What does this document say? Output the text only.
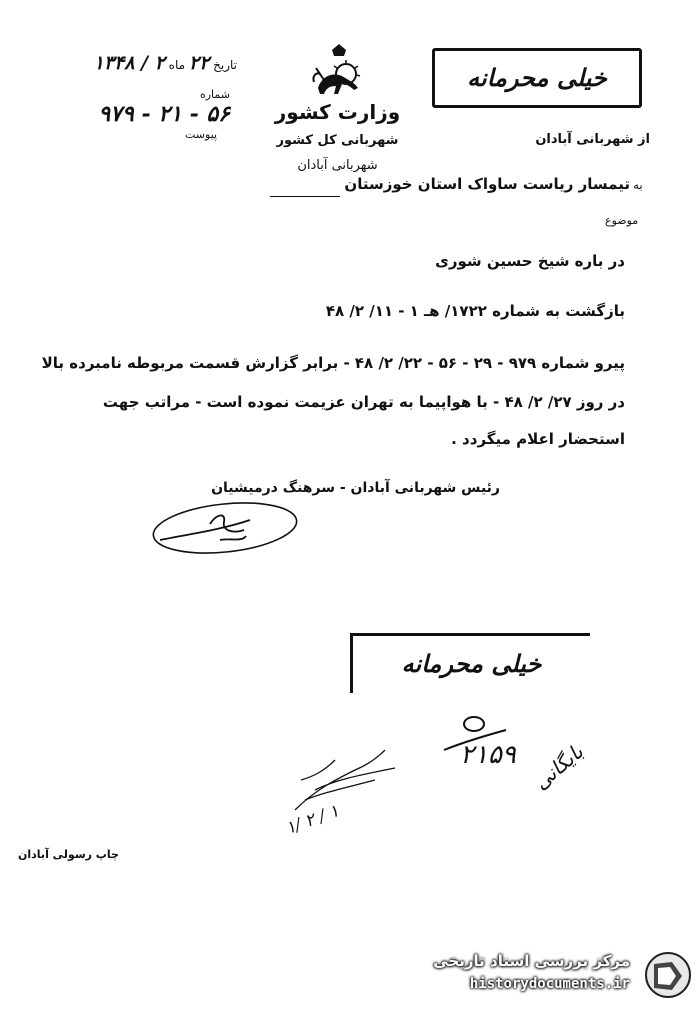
تاریخ ۲۲ ماه ۲ / ۱۳۴۸
شماره
۵۶ - ۲۱ - ۹۷۹
پیوست
وزارت کشور
شهربانی کل کشور
شهربانی آبادان
خیلی محرمانه
از شهربانی آبادان
به
تیمسار ریاست ساواک استان خوزستان
موضوع
در باره شیخ حسین شوری
بازگشت به شماره ۱۷۲۲/ هـ ۱ - ۱۱/ ۲/ ۴۸
پیرو شماره ۹۷۹ - ۲۹ - ۵۶ - ۲۲/ ۲/ ۴۸ - برابر گزارش قسمت مربوطه نامبرده بالا
در روز ۲۷/ ۲/ ۴۸ - با هواپیما به تهران عزیمت نموده است - مراتب جهت
استحضار اعلام میگردد .
رئیس شهربانی آبادان - سرهنگ درمیشیان
خیلی محرمانه
۲۱۵۹ بایگانی
۱/ ۲ / ۱
چاپ رسولی آبادان
مرکز بررسی اسناد تاریخی
historydocuments.ir
